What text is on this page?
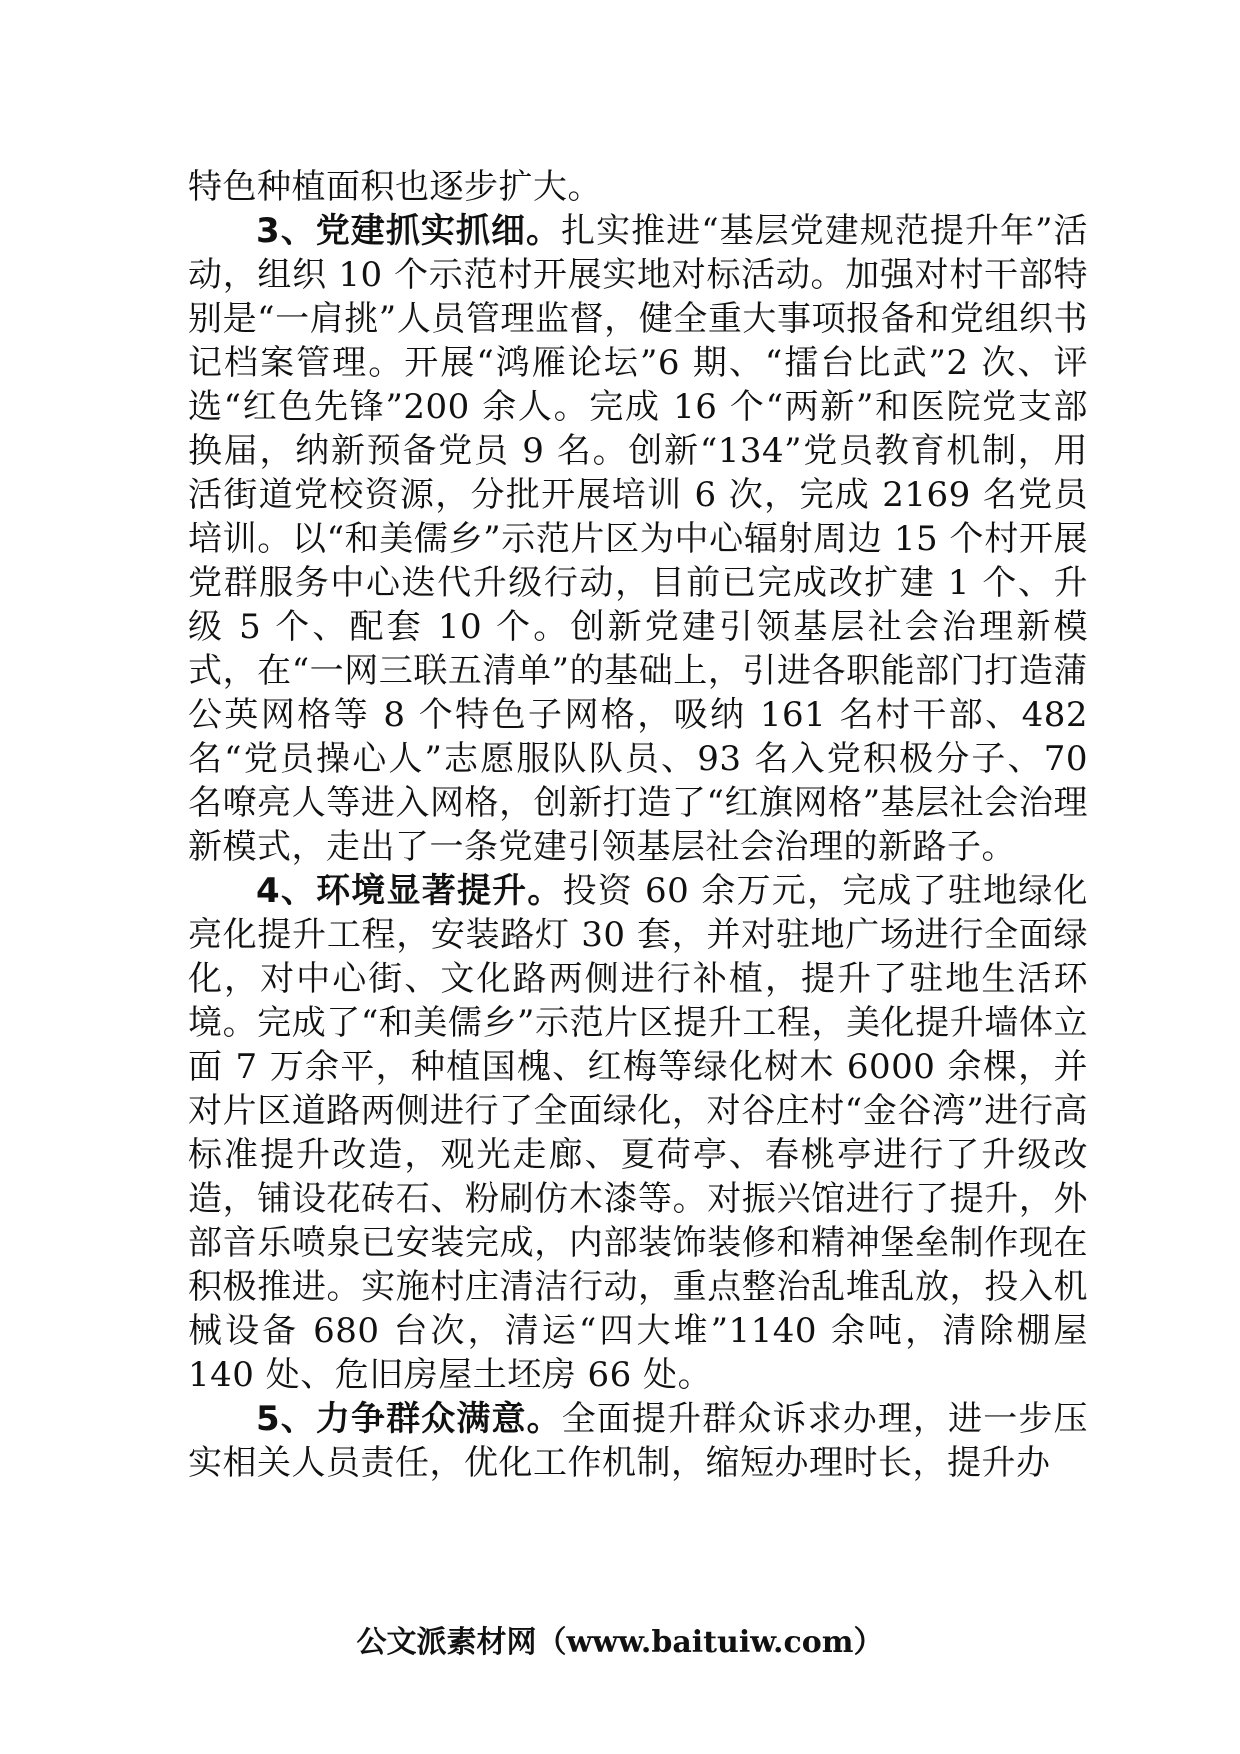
特色种植面积也逐步扩大。

3、党建抓实抓细。扎实推进“基层党建规范提升年”活动，组织 10 个示范村开展实地对标活动。加强对村干部特别是“一肩挑”人员管理监督，健全重大事项报备和党组织书记档案管理。开展“鸿雁论坛”6 期、“擂台比武”2 次、评选“红色先锋”200 余人。完成 16 个“两新”和医院党支部换届，纳新预备党员 9 名。创新“134”党员教育机制，用活街道党校资源，分批开展培训 6 次，完成 2169 名党员培训。以“和美儒乡”示范片区为中心辐射周边 15 个村开展党群服务中心迭代升级行动，目前已完成改扩建 1 个、升级 5 个、配套 10 个。创新党建引领基层社会治理新模式，在“一网三联五清单”的基础上，引进各职能部门打造蒲公英网格等 8 个特色子网格，吸纳 161 名村干部、482 名“党员操心人”志愿服队队员、93 名入党积极分子、70 名嘹亮人等进入网格，创新打造了“红旗网格”基层社会治理新模式，走出了一条党建引领基层社会治理的新路子。

4、环境显著提升。投资 60 余万元，完成了驻地绿化亮化提升工程，安装路灯 30 套，并对驻地广场进行全面绿化，对中心街、文化路两侧进行补植，提升了驻地生活环境。完成了“和美儒乡”示范片区提升工程，美化提升墙体立面 7 万余平，种植国槐、红梅等绿化树木 6000 余棵，并对片区道路两侧进行了全面绿化，对谷庄村“金谷湾”进行高标准提升改造，观光走廊、夏荷亭、春桃亭进行了升级改造，铺设花砖石、粉刷仿木漆等。对振兴馆进行了提升，外部音乐喷泉已安装完成，内部装饰装修和精神堡垒制作现在积极推进。实施村庄清洁行动，重点整治乱堆乱放，投入机械设备 680 台次，清运“四大堆”1140 余吨，清除棚屋 140 处、危旧房屋土坯房 66 处。

5、力争群众满意。全面提升群众诉求办理，进一步压实相关人员责任，优化工作机制，缩短办理时长，提升办

公文派素材网（www.baituiw.com）
